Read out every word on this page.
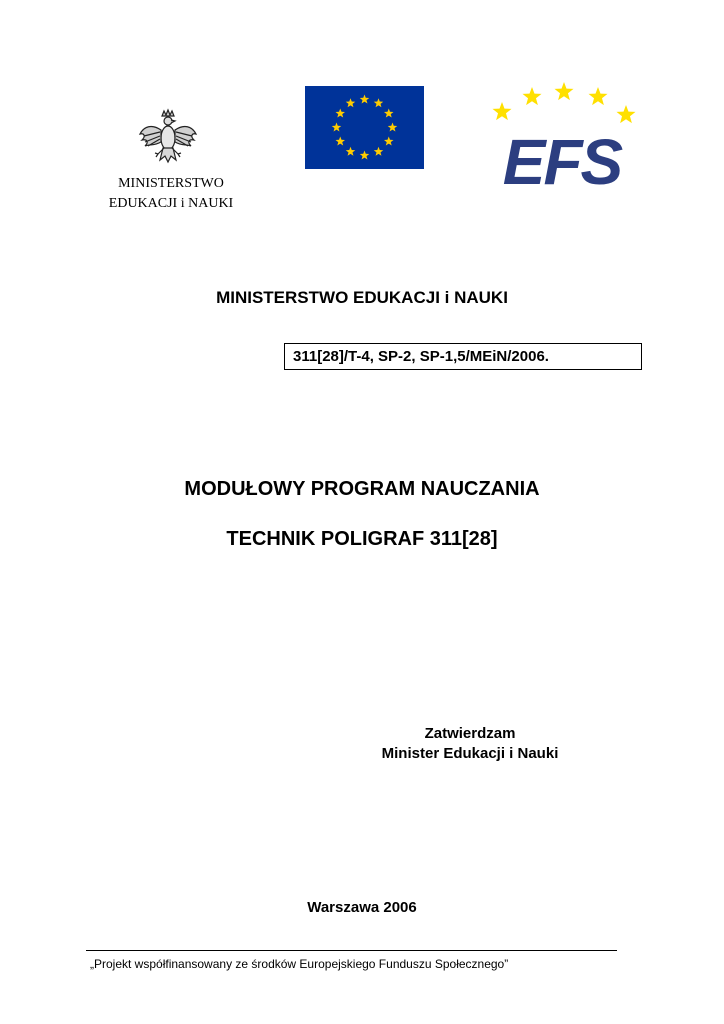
MINISTERSTWO
EDUKACJI i NAUKI
EFS
MINISTERSTWO EDUKACJI i NAUKI
311[28]/T-4, SP-2, SP-1,5/MEiN/2006.
MODUŁOWY PROGRAM NAUCZANIA
TECHNIK POLIGRAF 311[28]
Zatwierdzam
Minister Edukacji i Nauki
Warszawa 2006
„Projekt współfinansowany ze środków Europejskiego Funduszu Społecznego”
